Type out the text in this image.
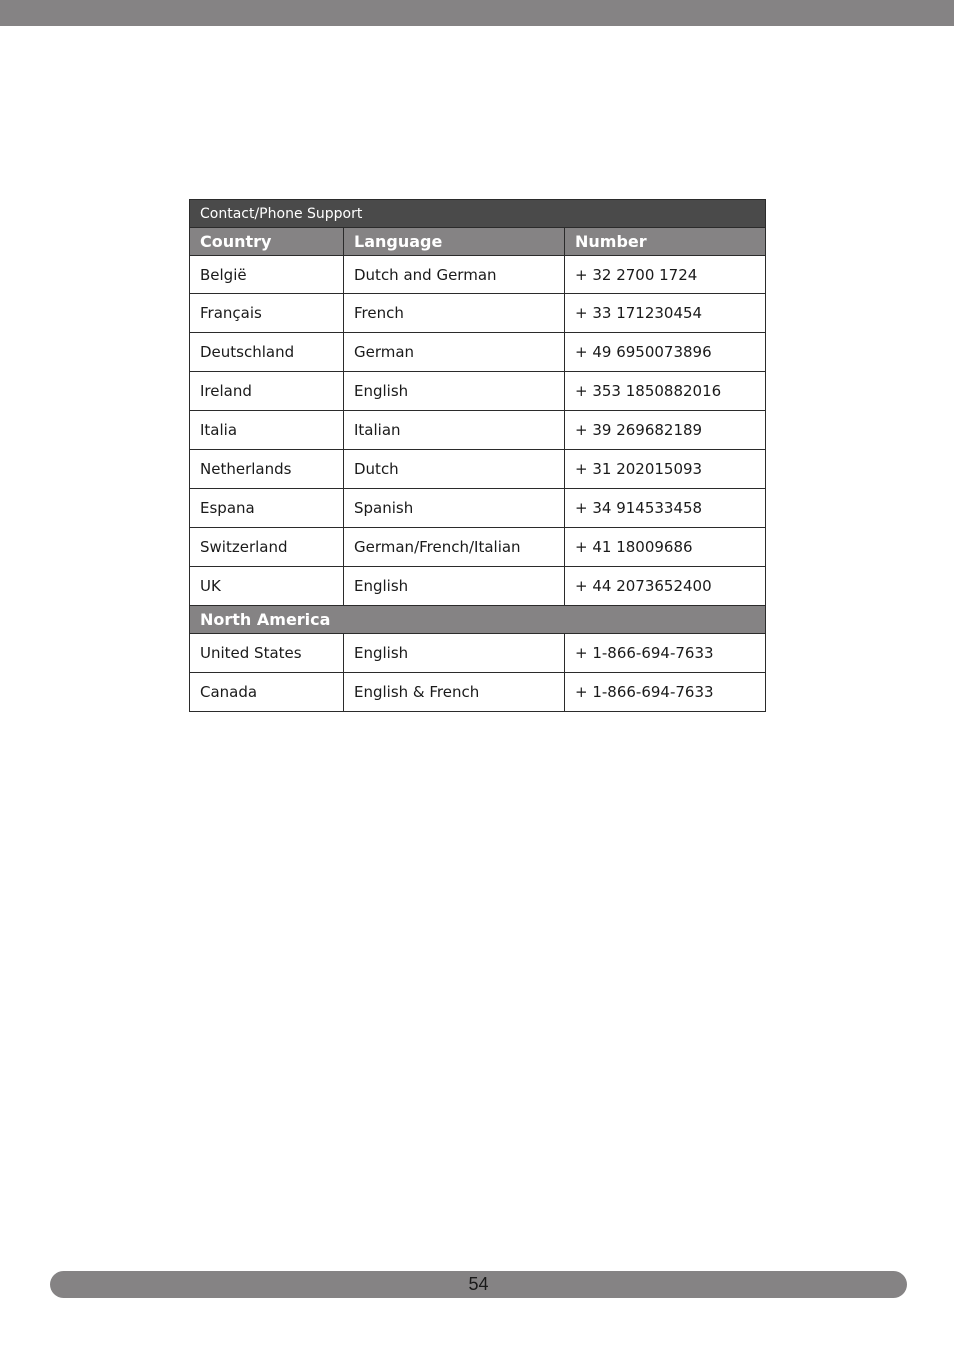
Contact/Phone Support		
Country	Language	Number
België	Dutch and German	+ 32 2700 1724
Français	French	+ 33 171230454
Deutschland	German	+ 49 6950073896
Ireland	English	+ 353 1850882016
Italia	Italian	+ 39 269682189
Netherlands	Dutch	+ 31 202015093
Espana	Spanish	+ 34 914533458
Switzerland	German/French/Italian	+ 41 18009686
UK	English	+ 44 2073652400
North America		
United States	English	+ 1-866-694-7633
Canada	English & French	+ 1-866-694-7633
54
